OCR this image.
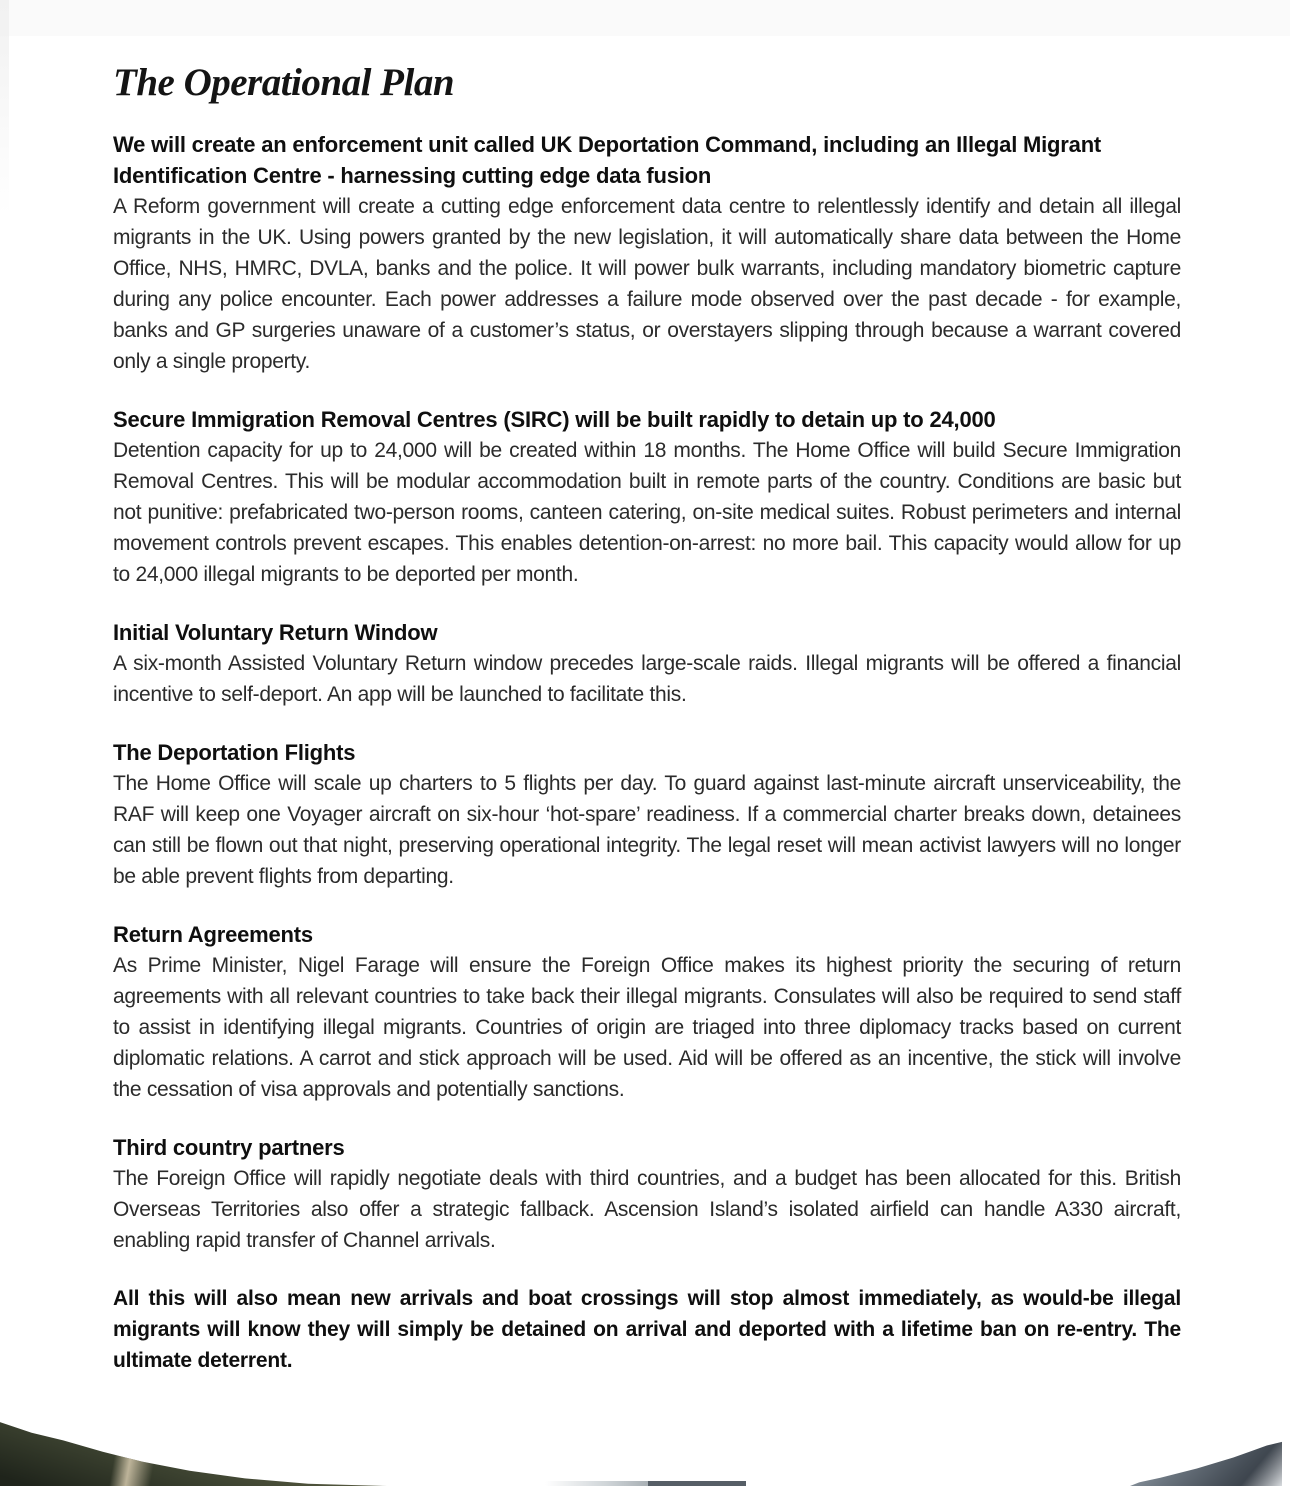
The Operational Plan

We will create an enforcement unit called UK Deportation Command, including an Illegal Migrant Identification Centre - harnessing cutting edge data fusion

A Reform government will create a cutting edge enforcement data centre to relentlessly identify and detain all illegal migrants in the UK. Using powers granted by the new legislation, it will automatically share data between the Home Office, NHS, HMRC, DVLA, banks and the police. It will power bulk warrants, including mandatory biometric capture during any police encounter. Each power addresses a failure mode observed over the past decade - for example, banks and GP surgeries unaware of a customer’s status, or overstayers slipping through because a warrant covered only a single property.

Secure Immigration Removal Centres (SIRC) will be built rapidly to detain up to 24,000

Detention capacity for up to 24,000 will be created within 18 months. The Home Office will build Secure Immigration Removal Centres. This will be modular accommodation built in remote parts of the country. Conditions are basic but not punitive: prefabricated two-person rooms, canteen catering, on-site medical suites. Robust perimeters and internal movement controls prevent escapes. This enables detention-on-arrest: no more bail. This capacity would allow for up to 24,000 illegal migrants to be deported per month.

Initial Voluntary Return Window

A six-month Assisted Voluntary Return window precedes large-scale raids. Illegal migrants will be offered a financial incentive to self-deport. An app will be launched to facilitate this.

The Deportation Flights

The Home Office will scale up charters to 5 flights per day. To guard against last-minute aircraft unserviceability, the RAF will keep one Voyager aircraft on six-hour ‘hot-spare’ readiness. If a commercial charter breaks down, detainees can still be flown out that night, preserving operational integrity. The legal reset will mean activist lawyers will no longer be able prevent flights from departing.

Return Agreements

As Prime Minister, Nigel Farage will ensure the Foreign Office makes its highest priority the securing of return agreements with all relevant countries to take back their illegal migrants. Consulates will also be required to send staff to assist in identifying illegal migrants. Countries of origin are triaged into three diplomacy tracks based on current diplomatic relations. A carrot and stick approach will be used. Aid will be offered as an incentive, the stick will involve the cessation of visa approvals and potentially sanctions.

Third country partners

The Foreign Office will rapidly negotiate deals with third countries, and a budget has been allocated for this. British Overseas Territories also offer a strategic fallback. Ascension Island’s isolated airfield can handle A330 aircraft, enabling rapid transfer of Channel arrivals.

All this will also mean new arrivals and boat crossings will stop almost immediately, as would-be illegal migrants will know they will simply be detained on arrival and deported with a lifetime ban on re-entry. The ultimate deterrent.
